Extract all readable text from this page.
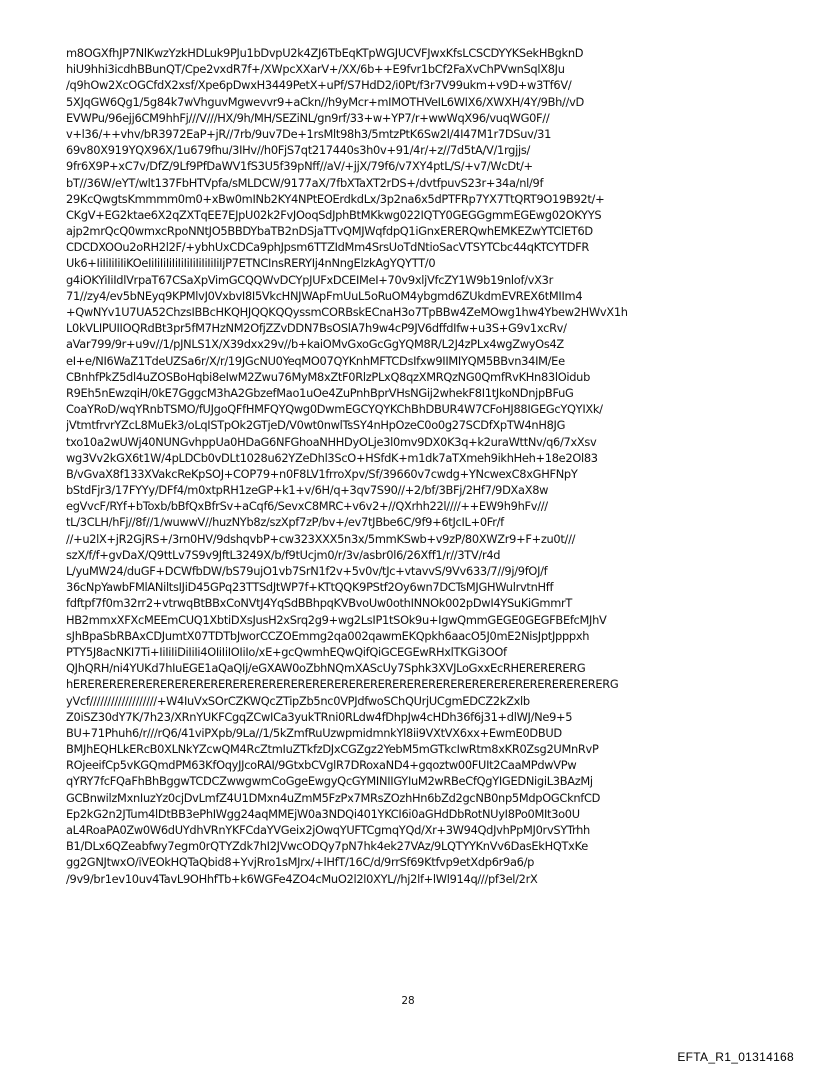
m8OGXfhJP7NlKwzYzkHDLuk9PJu1bDvpU2k4ZJ6TbEqKTpWGJUCVFJwxKfsLCSCDYYKSekHBgknD
hiU9hhi3icdhBBunQT/Cpe2vxdR7f+/XWpcXXarV+/XX/6b++E9fvr1bCf2FaXvChPVwnSqlX8Ju
/q9hOw2XcOGCfdX2xsf/Xpe6pDwxH3449PetX+uPf/S7HdD2/i0Pt/f3r7V99ukm+v9D+w3Tf6V/
5XJqGW6Qg1/5g84k7wVhguvMgwevvr9+aCkn//h9yMcr+mIMOTHVeIL6WIX6/XWXH/4Y/9Bh//vD
EVWPu/96ejj6CM9hhFj///V///HX/9h/MH/SEZiNL/gn9rf/33+w+YP7/r+wwWqX96/vuqWG0F//
v+l36/++vhv/bR3972EaP+jR//7rb/9uv7De+1rsMlt98h3/5mtzPtK6Sw2l/4I47M1r7DSuv/31
69v80X919YQX96X/1u679fhu/3IHv//h0FjS7qt217440s3h0v+91/4r/+z//7d5tA/V/1rgjjs/
9fr6X9P+xC7v/DfZ/9Lf9PfDaWV1fS3U5f39pNff//aV/+jjX/79f6/v7XY4ptL/S/+v7/WcDt/+
bT//36W/eYT/wlt137FbHTVpfa/sMLDCW/9177aX/7fbXTaXT2rDS+/dvtfpuvS23r+34a/nl/9f
29KcQwgtsKmmmm0m0+xBw0mINb2KY4NPtEOErdkdLx/3p2na6x5dPTFRp7YX7TtQRT9O19B92t/+
CKgV+EG2ktae6X2qZXTqEE7EJpU02k2FvJOoqSdJphBtMKkwg022IQTY0GEGGgmmEGEwg02OKYYS
ajp2mrQcQ0wmxcRpoNNtJO5BBDYbaTB2nDSjaTTvQMJWqfdpQ1iGnxERERQwhEMKEZwYTClET6D
CDCDXOOu2oRH2l2F/+ybhUxCDCa9phJpsm6TTZIdMm4SrsUoTdNtioSacVTSYTCbc44qKTCYTDFR
Uk6+IiIiIiIiIiKOeIiIiIiIiIiIiIiIiIiIiIiIiIjP7ETNCInsRERYIj4nNngElzkAgYQYTT/0
g4iOKYiIiIdlVrpaT67CSaXpVimGCQQWvDCYpJUFxDCEIMeI+70v9xljVfcZY1W9b19nlof/vX3r
71//zy4/ev5bNEyq9KPMlvJ0VxbvI8I5VkcHNJWApFmUuL5oRuOM4ybgmd6ZUkdmEVREX6tMIIm4
+QwNYv1U7UA52ChzsIBBcHKQHJQQKQQyssmCORBskECnaH3o7TpBBw4ZeMOwg1hw4Ybew2HWvX1h
L0kVLIPUIIOQRdBt3pr5fM7HzNM2OfjZZvDDN7BsOSlA7h9w4cP9JV6dffdIfw+u3S+G9v1xcRv/
aVar799/9r+u9v//1/pJNLS1X/X39dxx29v//b+kaiOMvGxoGcGgYQM8R/L2J4zPLx4wgZwyOs4Z
eI+e/NI6WaZ1TdeUZSa6r/X/r/19JGcNU0YeqMO07QYKnhMFTCDsIfxw9IIMIYQM5BBvn34IM/Ee
CBnhfPkZ5dl4uZOSBoHqbi8eIwM2Zwu76MyM8xZtF0RlzPLxQ8qzXMRQzNG0QmfRvKHn83lOidub
R9Eh5nEwzqiH/0kE7GggcM3hA2GbzefMao1uOe4ZuPnhBprVHsNGij2whekF8I1tJkoNDnjpBFuG
CoaYRoD/wqYRnbTSMO/fUJgoQFfHMFQYQwg0DwmEGCYQYKChBhDBUR4W7CFoHJ88IGEGcYQYIXk/
jVtmtfrvrYZcL8MuEk3/oLqISTpOk2GTjeD/V0wt0nwlTsSY4nHpOzeC0o0g27SCDfXpTW4nH8JG
txo10a2wUWj40NUNGvhppUa0HDaG6NFGhoaNHHDyOLje3l0mv9DX0K3q+k2uraWttNv/q6/7xXsv
wg3Vv2kGX6t1W/4pLDCb0vDLt1028u62YZeDhl3ScO+HSfdK+m1dk7aTXmeh9ikhHeh+18e2Ol83
B/vGvaX8f133XVakcReKpSOJ+COP79+n0F8LV1frroXpv/Sf/39660v7cwdg+YNcwexC8xGHFNpY
bStdFjr3/17FYYy/DFf4/m0xtpRH1zeGP+k1+v/6H/q+3qv7S90//+2/bf/3BFj/2Hf7/9DXaX8w
egVvcF/RYf+bToxb/bBfQxBfrSv+aCqf6/SevxC8MRC+v6v2+//QXrhh22l////++EW9h9hFv///
tL/3CLH/hFj//8f//1/wuwwV//huzNYb8z/szXpf7zP/bv+/ev7tJBbe6C/9f9+6tJcIL+0Fr/f
//+u2lX+jR2GjRS+/3rn0HV/9dshqvbP+cw323XXX5n3x/5mmKSwb+v9zP/80XWZr9+F+zu0t///
szX/f/f+gvDaX/Q9ttLv7S9v9JftL3249X/b/f9tUcjm0/r/3v/asbr0l6/26Xff1/r//3TV/r4d
L/yuMW24/duGF+DCWfbDW/bS79ujO1vb7SrN1f2v+5v0v/tJc+vtavvS/9Vv633/7//9j/9fOJ/f
36cNpYawbFMlANiltsIJiD45GPq23TTSdJtWP7f+KTtQQK9PStf2Oy6wn7DCTsMJGHWulrvtnHff
fdftpf7f0m32rr2+vtrwqBtBBxCoNVtJ4YqSdBBhpqKVBvoUw0othINNOk002pDwI4YSuKiGmmrT
HB2mmxXFXcMEEmCUQ1XbtiDXsJusH2xSrq2g9+wg2LsIP1tSOk9u+IgwQmmGEGE0GEGFBEfcMJhV
sJhBpaSbRBAxCDJumtX07TDTbJworCCZOEmmg2qa002qawmEKQpkh6aacO5J0mE2NisJptJpppxh
PTY5J8acNKI7Ti+IiIiIiDiIiIi4OIiIiIOIiIo/xE+gcQwmhEQwQifQiGCEGEwRHxlTKGi3OOf
QJhQRH/ni4YUKd7hIuEGE1aQaQIj/eGXAW0oZbhNQmXAScUy7Sphk3XVJLoGxxEcRHERERERERG
hERERERERERERERERERERERERERERERERERERERERERERERERERERERERERERERERERERERERERG
yVcf///////////////////+W4IuVxSOrCZKWQcZTipZb5nc0VPJdfwoSChQUrjUCgmEDCZ2kZxlb
Z0iSZ30dY7K/7h23/XRnYUKFCgqZCwICa3yukTRni0RLdw4fDhpJw4cHDh36f6j31+dlWJ/Ne9+5
BU+71Phuh6/r///rQ6/41viPXpb/9La//1/5kZmfRuUzwpmidmnkYl8ii9VXtVX6xx+EwmE0DBUD
BMJhEQHLkERcB0XLNkYZcwQM4RcZtmIuZTkfzDJxCGZgz2YebM5mGTkcIwRtm8xKR0Zsg2UMnRvP
ROjeeifCp5vKGQmdPM63KfOqyJJcoRAI/9GtxbCVglR7DRoxaND4+gqoztw00FUIt2CaaMPdwVPw
qYRY7fcFQaFhBhBggwTCDCZwwgwmCoGgeEwgyQcGYMINIIGYIuM2wRBeCfQgYIGEDNigiL3BAzMj
GCBnwilzMxnIuzYz0cjDvLmfZ4U1DMxn4uZmM5FzPx7MRsZOzhHn6bZd2gcNB0np5MdpOGCknfCD
Ep2kG2n2JTum4lDtBB3ePhIWgg24aqMMEjW0a3NDQi401YKCI6i0aGHdDbRotNUyI8Po0MIt3o0U
aL4RoaPA0Zw0W6dUYdhVRnYKFCdaYVGeix2jOwqYUFTCgmqYQd/Xr+3W94QdJvhPpMJ0rvSYTrhh
B1/DLx6QZeabfwy7egm0rQTYZdk7hI2JVwcODQy7pN7hk4ek27VAz/9LQTYYKnVv6DasEkHQTxKe
gg2GNJtwxO/iVEOkHQTaQbid8+YvjRro1sMJrx/+lHfT/16C/d/9rrSf69Ktfvp9etXdp6r9a6/p
/9v9/br1ev10uv4TavL9OHhfTb+k6WGFe4ZO4cMuO2l2l0XYL//hj2lf+lWl914q///pf3el/2rX
28
EFTA_R1_01314168
